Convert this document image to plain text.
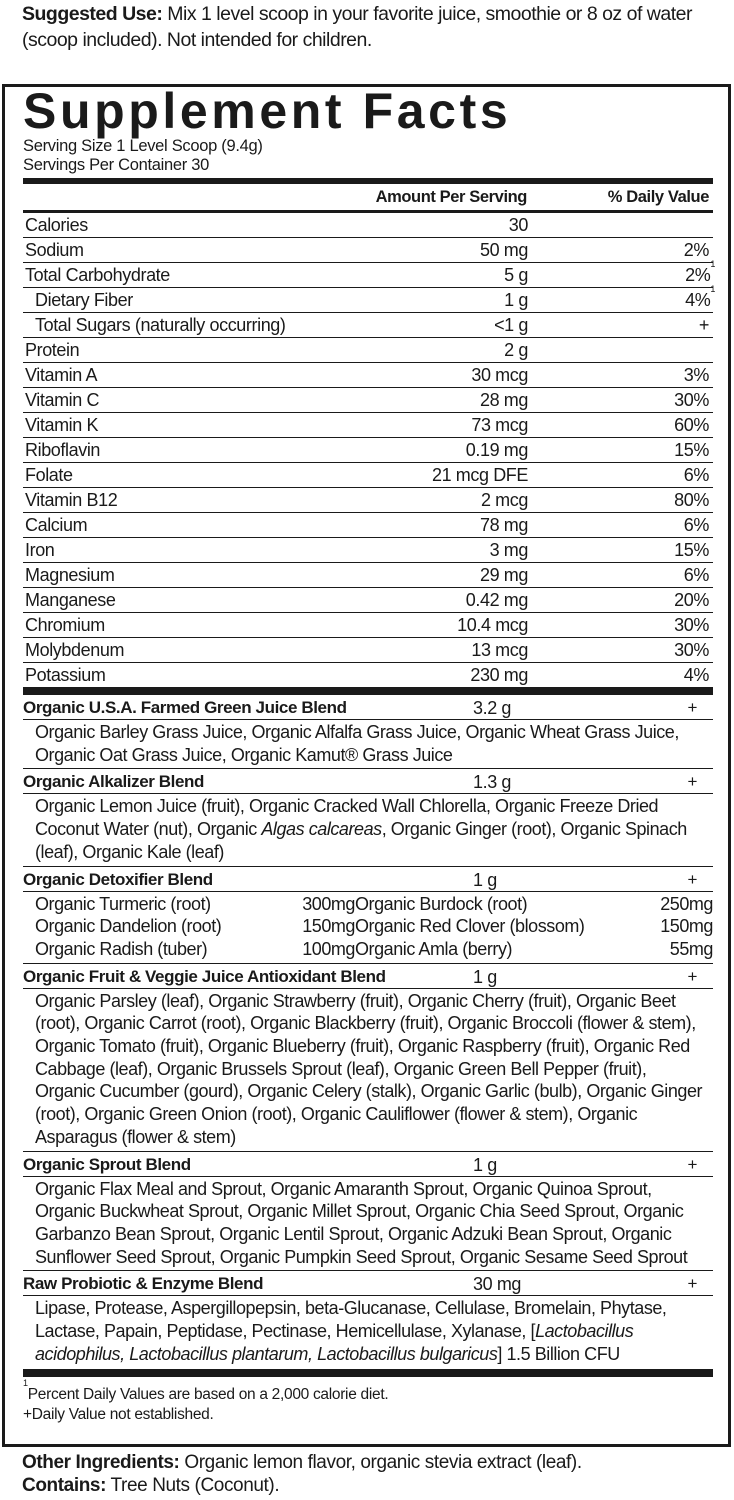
Suggested Use: Mix 1 level scoop in your favorite juice, smoothie or 8 oz of water (scoop included). Not intended for children.
Supplement Facts
Serving Size 1 Level Scoop (9.4g)
Servings Per Container 30
Amount Per Serving	% Daily Value
Calories	30
Sodium	50 mg	2%
Total Carbohydrate	5 g	2%$^1$
Dietary Fiber	1 g	4%$^1$
Total Sugars (naturally occurring)	<1 g	+
Protein	2 g
Vitamin A	30 mcg	3%
Vitamin C	28 mg	30%
Vitamin K	73 mcg	60%
Riboflavin	0.19 mg	15%
Folate	21 mcg DFE	6%
Vitamin B12	2 mcg	80%
Calcium	78 mg	6%
Iron	3 mg	15%
Magnesium	29 mg	6%
Manganese	0.42 mg	20%
Chromium	10.4 mcg	30%
Molybdenum	13 mcg	30%
Potassium	230 mg	4%
Organic U.S.A. Farmed Green Juice Blend	3.2 g	+
Organic Barley Grass Juice, Organic Alfalfa Grass Juice, Organic Wheat Grass Juice, Organic Oat Grass Juice, Organic Kamut® Grass Juice
Organic Alkalizer Blend	1.3 g	+
Organic Lemon Juice (fruit), Organic Cracked Wall Chlorella, Organic Freeze Dried Coconut Water (nut), Organic Algas calcareas, Organic Ginger (root), Organic Spinach (leaf), Organic Kale (leaf)
Organic Detoxifier Blend	1 g	+
Organic Turmeric (root)	300mg Organic Burdock (root)	250mg
Organic Dandelion (root)	150mg Organic Red Clover (blossom)	150mg
Organic Radish (tuber)	100mg Organic Amla (berry)	55mg
Organic Fruit & Veggie Juice Antioxidant Blend	1 g	+
Organic Parsley (leaf), Organic Strawberry (fruit), Organic Cherry (fruit), Organic Beet (root), Organic Carrot (root), Organic Blackberry (fruit), Organic Broccoli (flower & stem), Organic Tomato (fruit), Organic Blueberry (fruit), Organic Raspberry (fruit), Organic Red Cabbage (leaf), Organic Brussels Sprout (leaf), Organic Green Bell Pepper (fruit), Organic Cucumber (gourd), Organic Celery (stalk), Organic Garlic (bulb), Organic Ginger (root), Organic Green Onion (root), Organic Cauliflower (flower & stem), Organic Asparagus (flower & stem)
Organic Sprout Blend	1 g	+
Organic Flax Meal and Sprout, Organic Amaranth Sprout, Organic Quinoa Sprout, Organic Buckwheat Sprout, Organic Millet Sprout, Organic Chia Seed Sprout, Organic Garbanzo Bean Sprout, Organic Lentil Sprout, Organic Adzuki Bean Sprout, Organic Sunflower Seed Sprout, Organic Pumpkin Seed Sprout, Organic Sesame Seed Sprout
Raw Probiotic & Enzyme Blend	30 mg	+
Lipase, Protease, Aspergillopepsin, beta-Glucanase, Cellulase, Bromelain, Phytase, Lactase, Papain, Peptidase, Pectinase, Hemicellulase, Xylanase, [Lactobacillus acidophilus, Lactobacillus plantarum, Lactobacillus bulgaricus] 1.5 Billion CFU
$^1$Percent Daily Values are based on a 2,000 calorie diet.
+Daily Value not established.
Other Ingredients: Organic lemon flavor, organic stevia extract (leaf).
Contains: Tree Nuts (Coconut).
